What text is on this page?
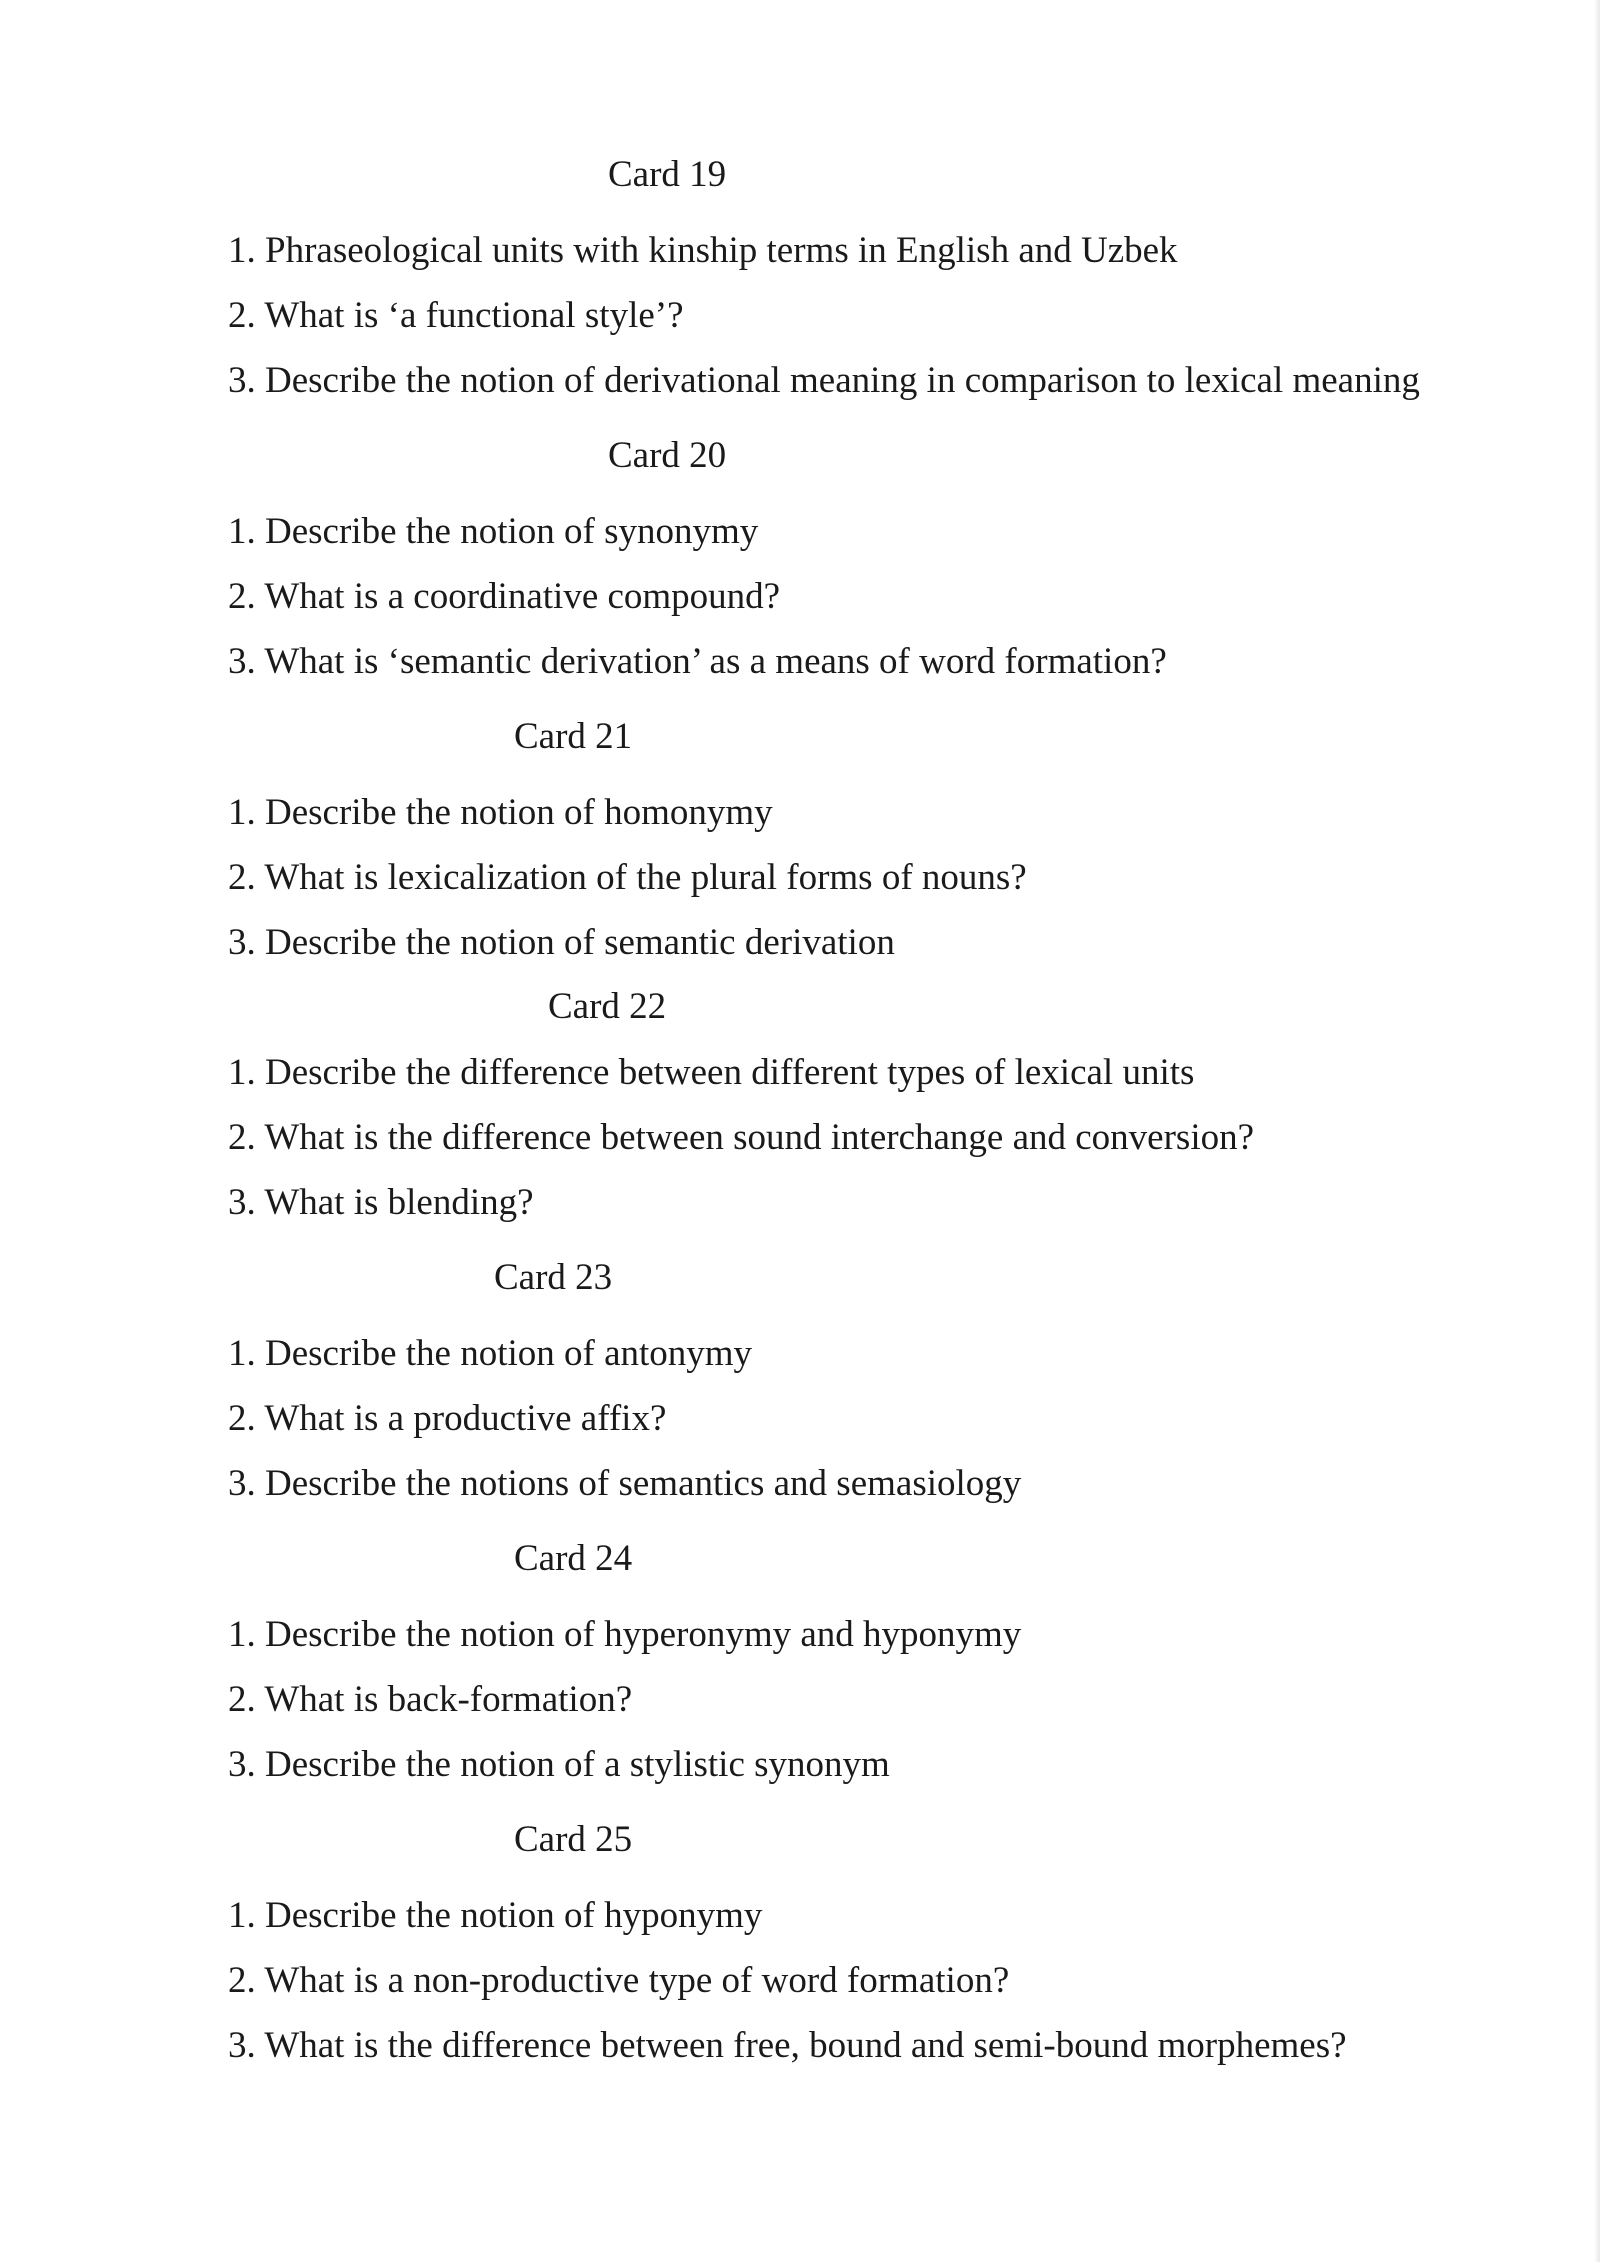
Card 19

1. Phraseological units with kinship terms in English and Uzbek

2. What is ‘a functional style’?

3. Describe the notion of derivational meaning in comparison to lexical meaning

Card 20

1. Describe the notion of synonymy

2. What is a coordinative compound?

3. What is ‘semantic derivation’ as a means of word formation?

Card 21

1. Describe the notion of homonymy

2. What is lexicalization of the plural forms of nouns?

3. Describe the notion of semantic derivation

Card 22

1. Describe the difference between different types of lexical units

2. What is the difference between sound interchange and conversion?

3. What is blending?

Card 23

1. Describe the notion of antonymy

2. What is a productive affix?

3. Describe the notions of semantics and semasiology

Card 24

1. Describe the notion of hyperonymy and hyponymy

2. What is back-formation?

3. Describe the notion of a stylistic synonym

Card 25

1. Describe the notion of hyponymy

2. What is a non-productive type of word formation?

3. What is the difference between free, bound and semi-bound morphemes?
